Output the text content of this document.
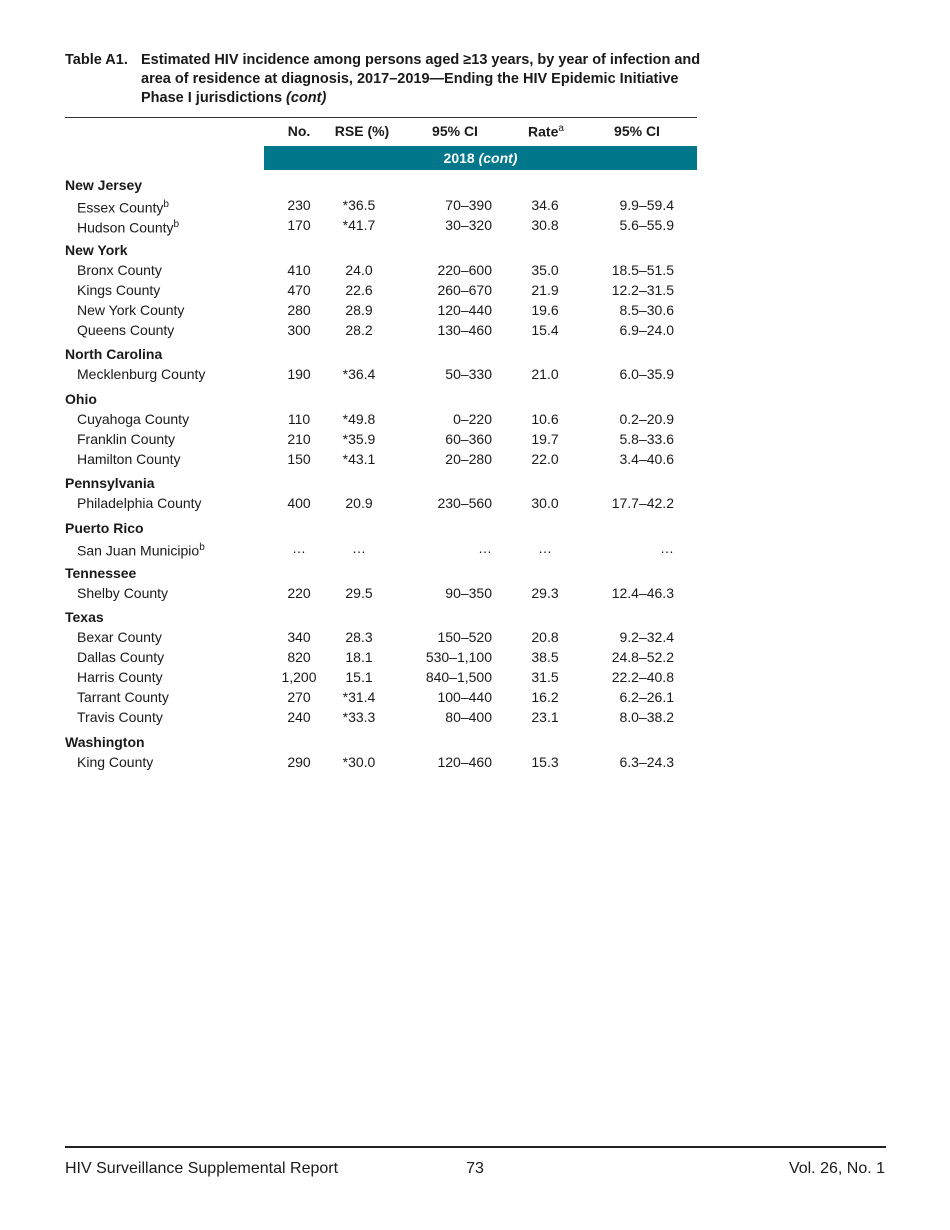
Table A1. Estimated HIV incidence among persons aged ≥13 years, by year of infection and area of residence at diagnosis, 2017–2019—Ending the HIV Epidemic Initiative Phase I jurisdictions (cont)
No.	RSE (%)	95% CI	Rate$^a$	95% CI
2018 (cont)
New Jersey
Essex County$^b$	230	*36.5	70–390	34.6	9.9–59.4
Hudson County$^b$	170	*41.7	30–320	30.8	5.6–55.9
New York
Bronx County	410	24.0	220–600	35.0	18.5–51.5
Kings County	470	22.6	260–670	21.9	12.2–31.5
New York County	280	28.9	120–440	19.6	8.5–30.6
Queens County	300	28.2	130–460	15.4	6.9–24.0
North Carolina
Mecklenburg County	190	*36.4	50–330	21.0	6.0–35.9
Ohio
Cuyahoga County	110	*49.8	0–220	10.6	0.2–20.9
Franklin County	210	*35.9	60–360	19.7	5.8–33.6
Hamilton County	150	*43.1	20–280	22.0	3.4–40.6
Pennsylvania
Philadelphia County	400	20.9	230–560	30.0	17.7–42.2
Puerto Rico
San Juan Municipio$^b$	…	…	…	…	…
Tennessee
Shelby County	220	29.5	90–350	29.3	12.4–46.3
Texas
Bexar County	340	28.3	150–520	20.8	9.2–32.4
Dallas County	820	18.1	530–1,100	38.5	24.8–52.2
Harris County	1,200	15.1	840–1,500	31.5	22.2–40.8
Tarrant County	270	*31.4	100–440	16.2	6.2–26.1
Travis County	240	*33.3	80–400	23.1	8.0–38.2
Washington
King County	290	*30.0	120–460	15.3	6.3–24.3
HIV Surveillance Supplemental Report	73	Vol. 26, No. 1
